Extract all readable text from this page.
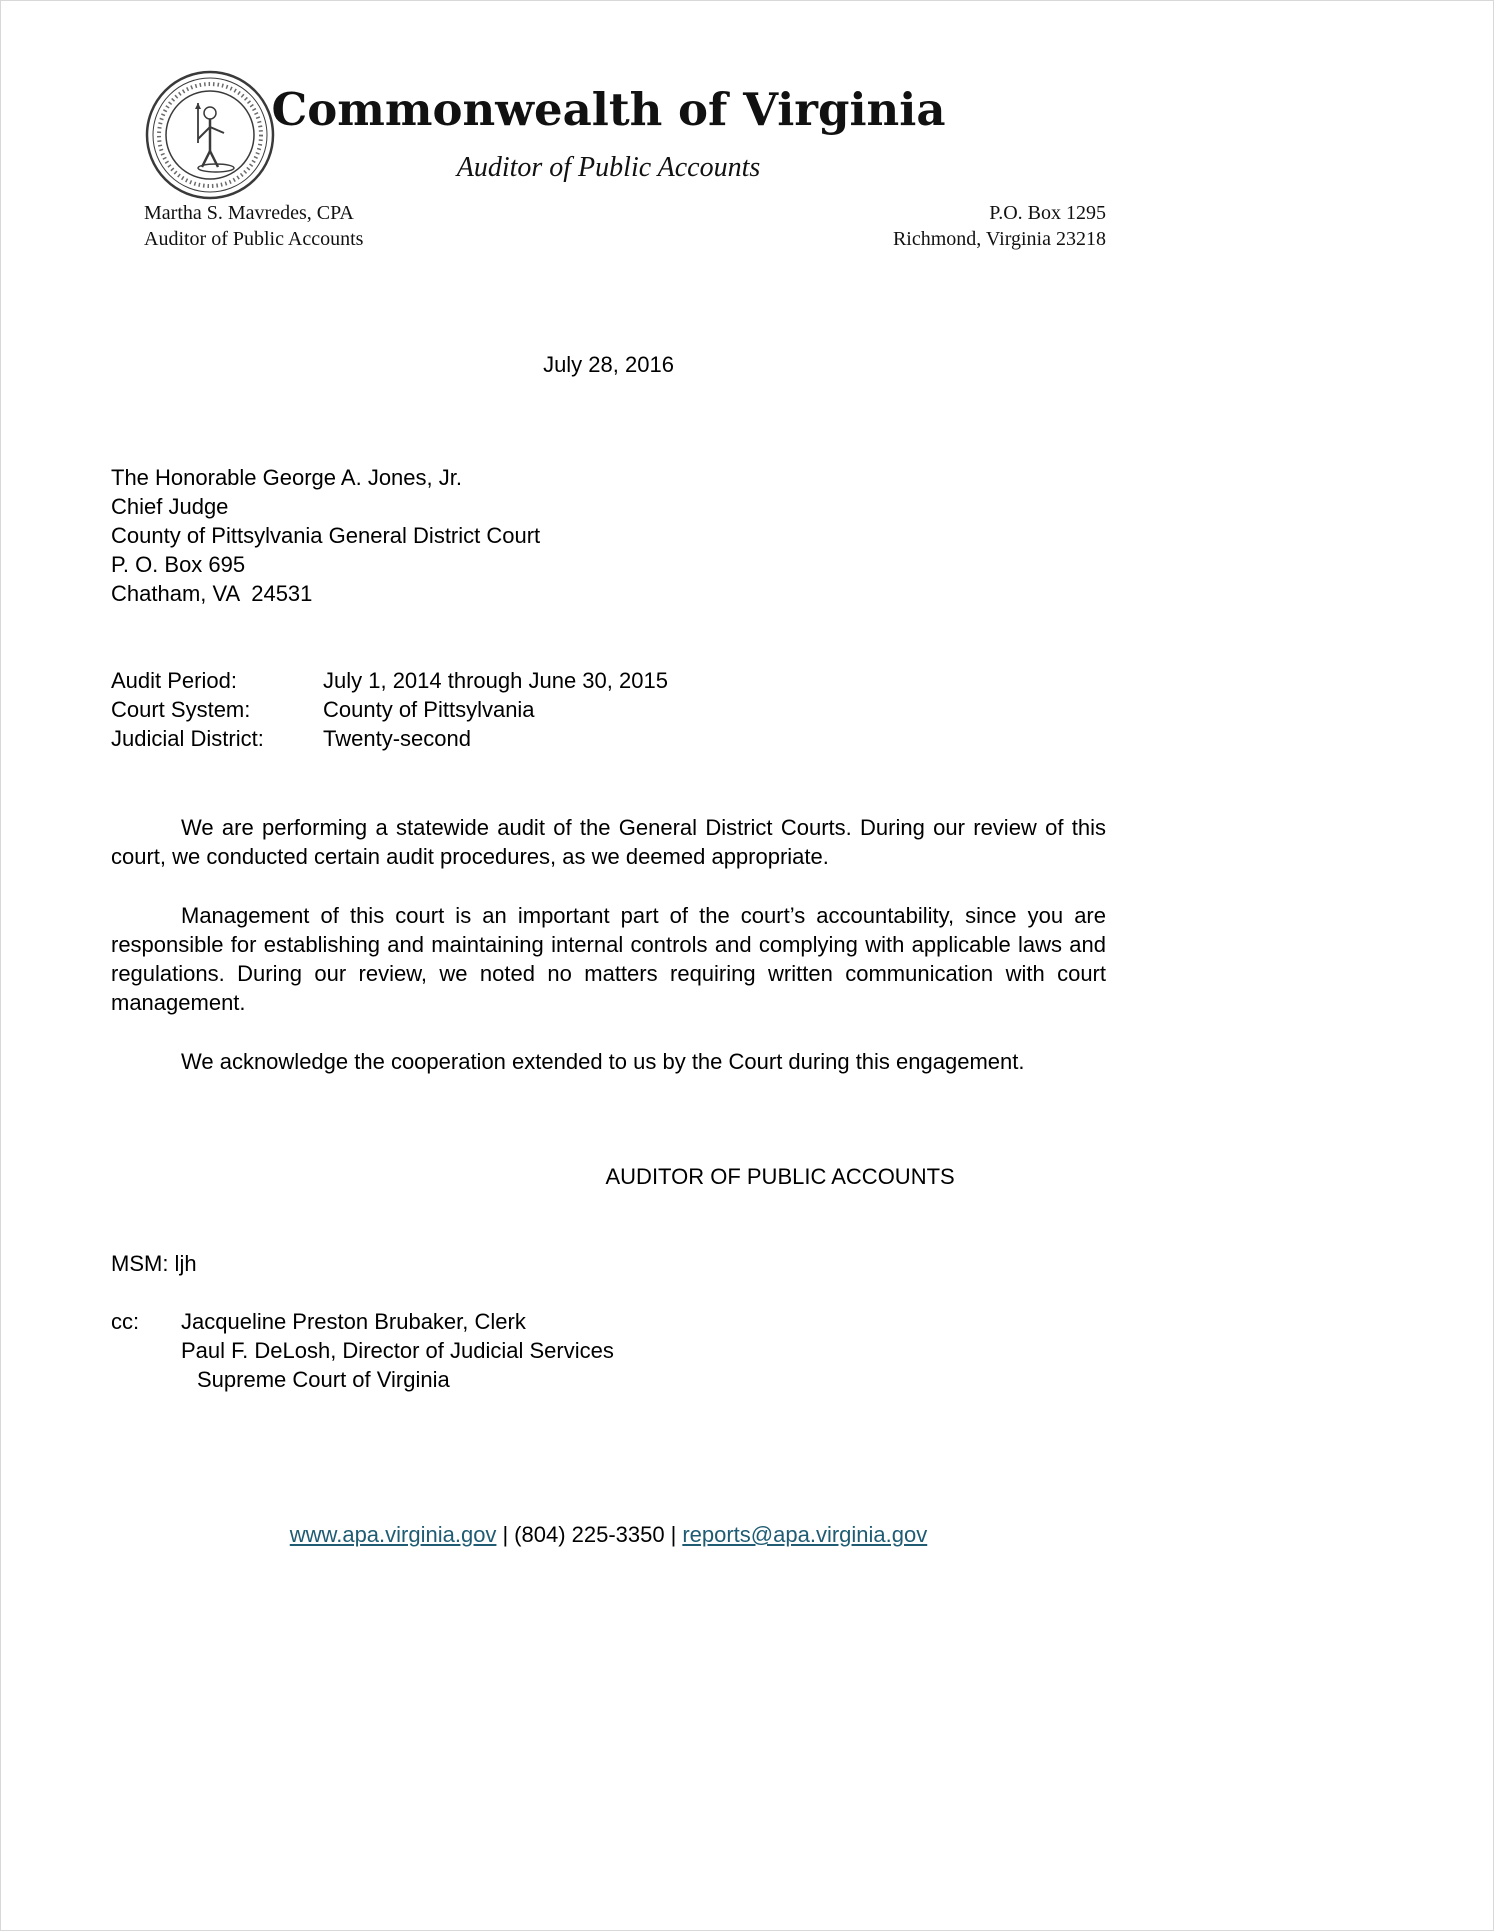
Commonwealth of Virginia
Auditor of Public Accounts
Martha S. Mavredes, CPA
Auditor of Public Accounts
P.O. Box 1295
Richmond, Virginia 23218
July 28, 2016
The Honorable George A. Jones, Jr.
Chief Judge
County of Pittsylvania General District Court
P. O. Box 695
Chatham, VA  24531
Audit Period:	July 1, 2014 through June 30, 2015
Court System:	County of Pittsylvania
Judicial District:	Twenty-second

We are performing a statewide audit of the General District Courts. During our review of this court, we conducted certain audit procedures, as we deemed appropriate.

Management of this court is an important part of the court’s accountability, since you are responsible for establishing and maintaining internal controls and complying with applicable laws and regulations. During our review, we noted no matters requiring written communication with court management.

We acknowledge the cooperation extended to us by the Court during this engagement.

AUDITOR OF PUBLIC ACCOUNTS
MSM: ljh
cc:	Jacqueline Preston Brubaker, Clerk
Paul F. DeLosh, Director of Judicial Services
Supreme Court of Virginia
www.apa.virginia.gov | (804) 225-3350 | reports@apa.virginia.gov
